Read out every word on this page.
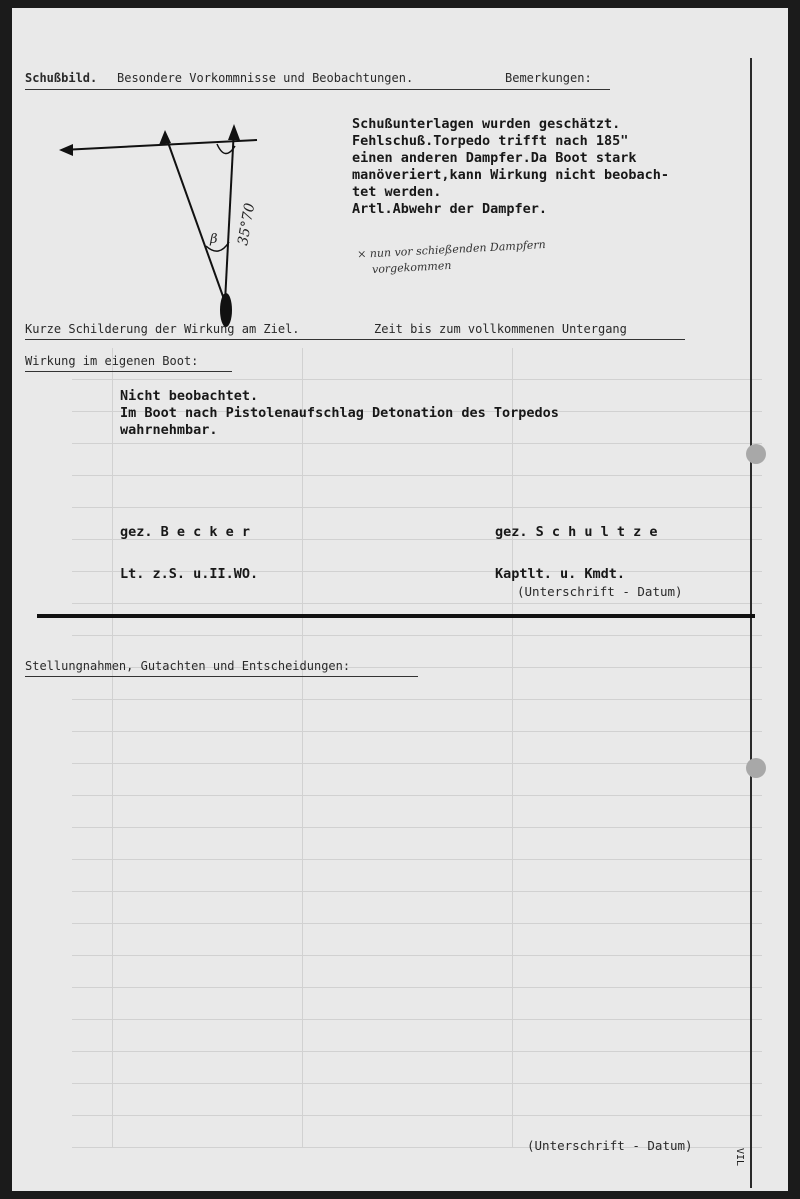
Schußbild. Besondere Vorkommnisse und Beobachtungen.	Bemerkungen:
β 35°70
Schußunterlagen wurden geschätzt.
Fehlschuß.Torpedo trifft nach 185"
einen anderen Dampfer.Da Boot stark
manöveriert,kann Wirkung nicht beobach-
tet werden.
Artl.Abwehr der Dampfer.
× nun vor schießenden Dampfern
vorgekommen
Kurze Schilderung der Wirkung am Ziel.	Zeit bis zum vollkommenen Untergang
Wirkung im eigenen Boot:
Nicht beobachtet.
Im Boot nach Pistolenaufschlag Detonation des Torpedos
wahrnehmbar.
gez. B e c k e r
Lt. z.S. u.II.WO.
gez. S c h u l t z e
Kaptlt. u. Kmdt.
(Unterschrift - Datum)
Stellungnahmen, Gutachten und Entscheidungen:
(Unterschrift - Datum)
VIL
